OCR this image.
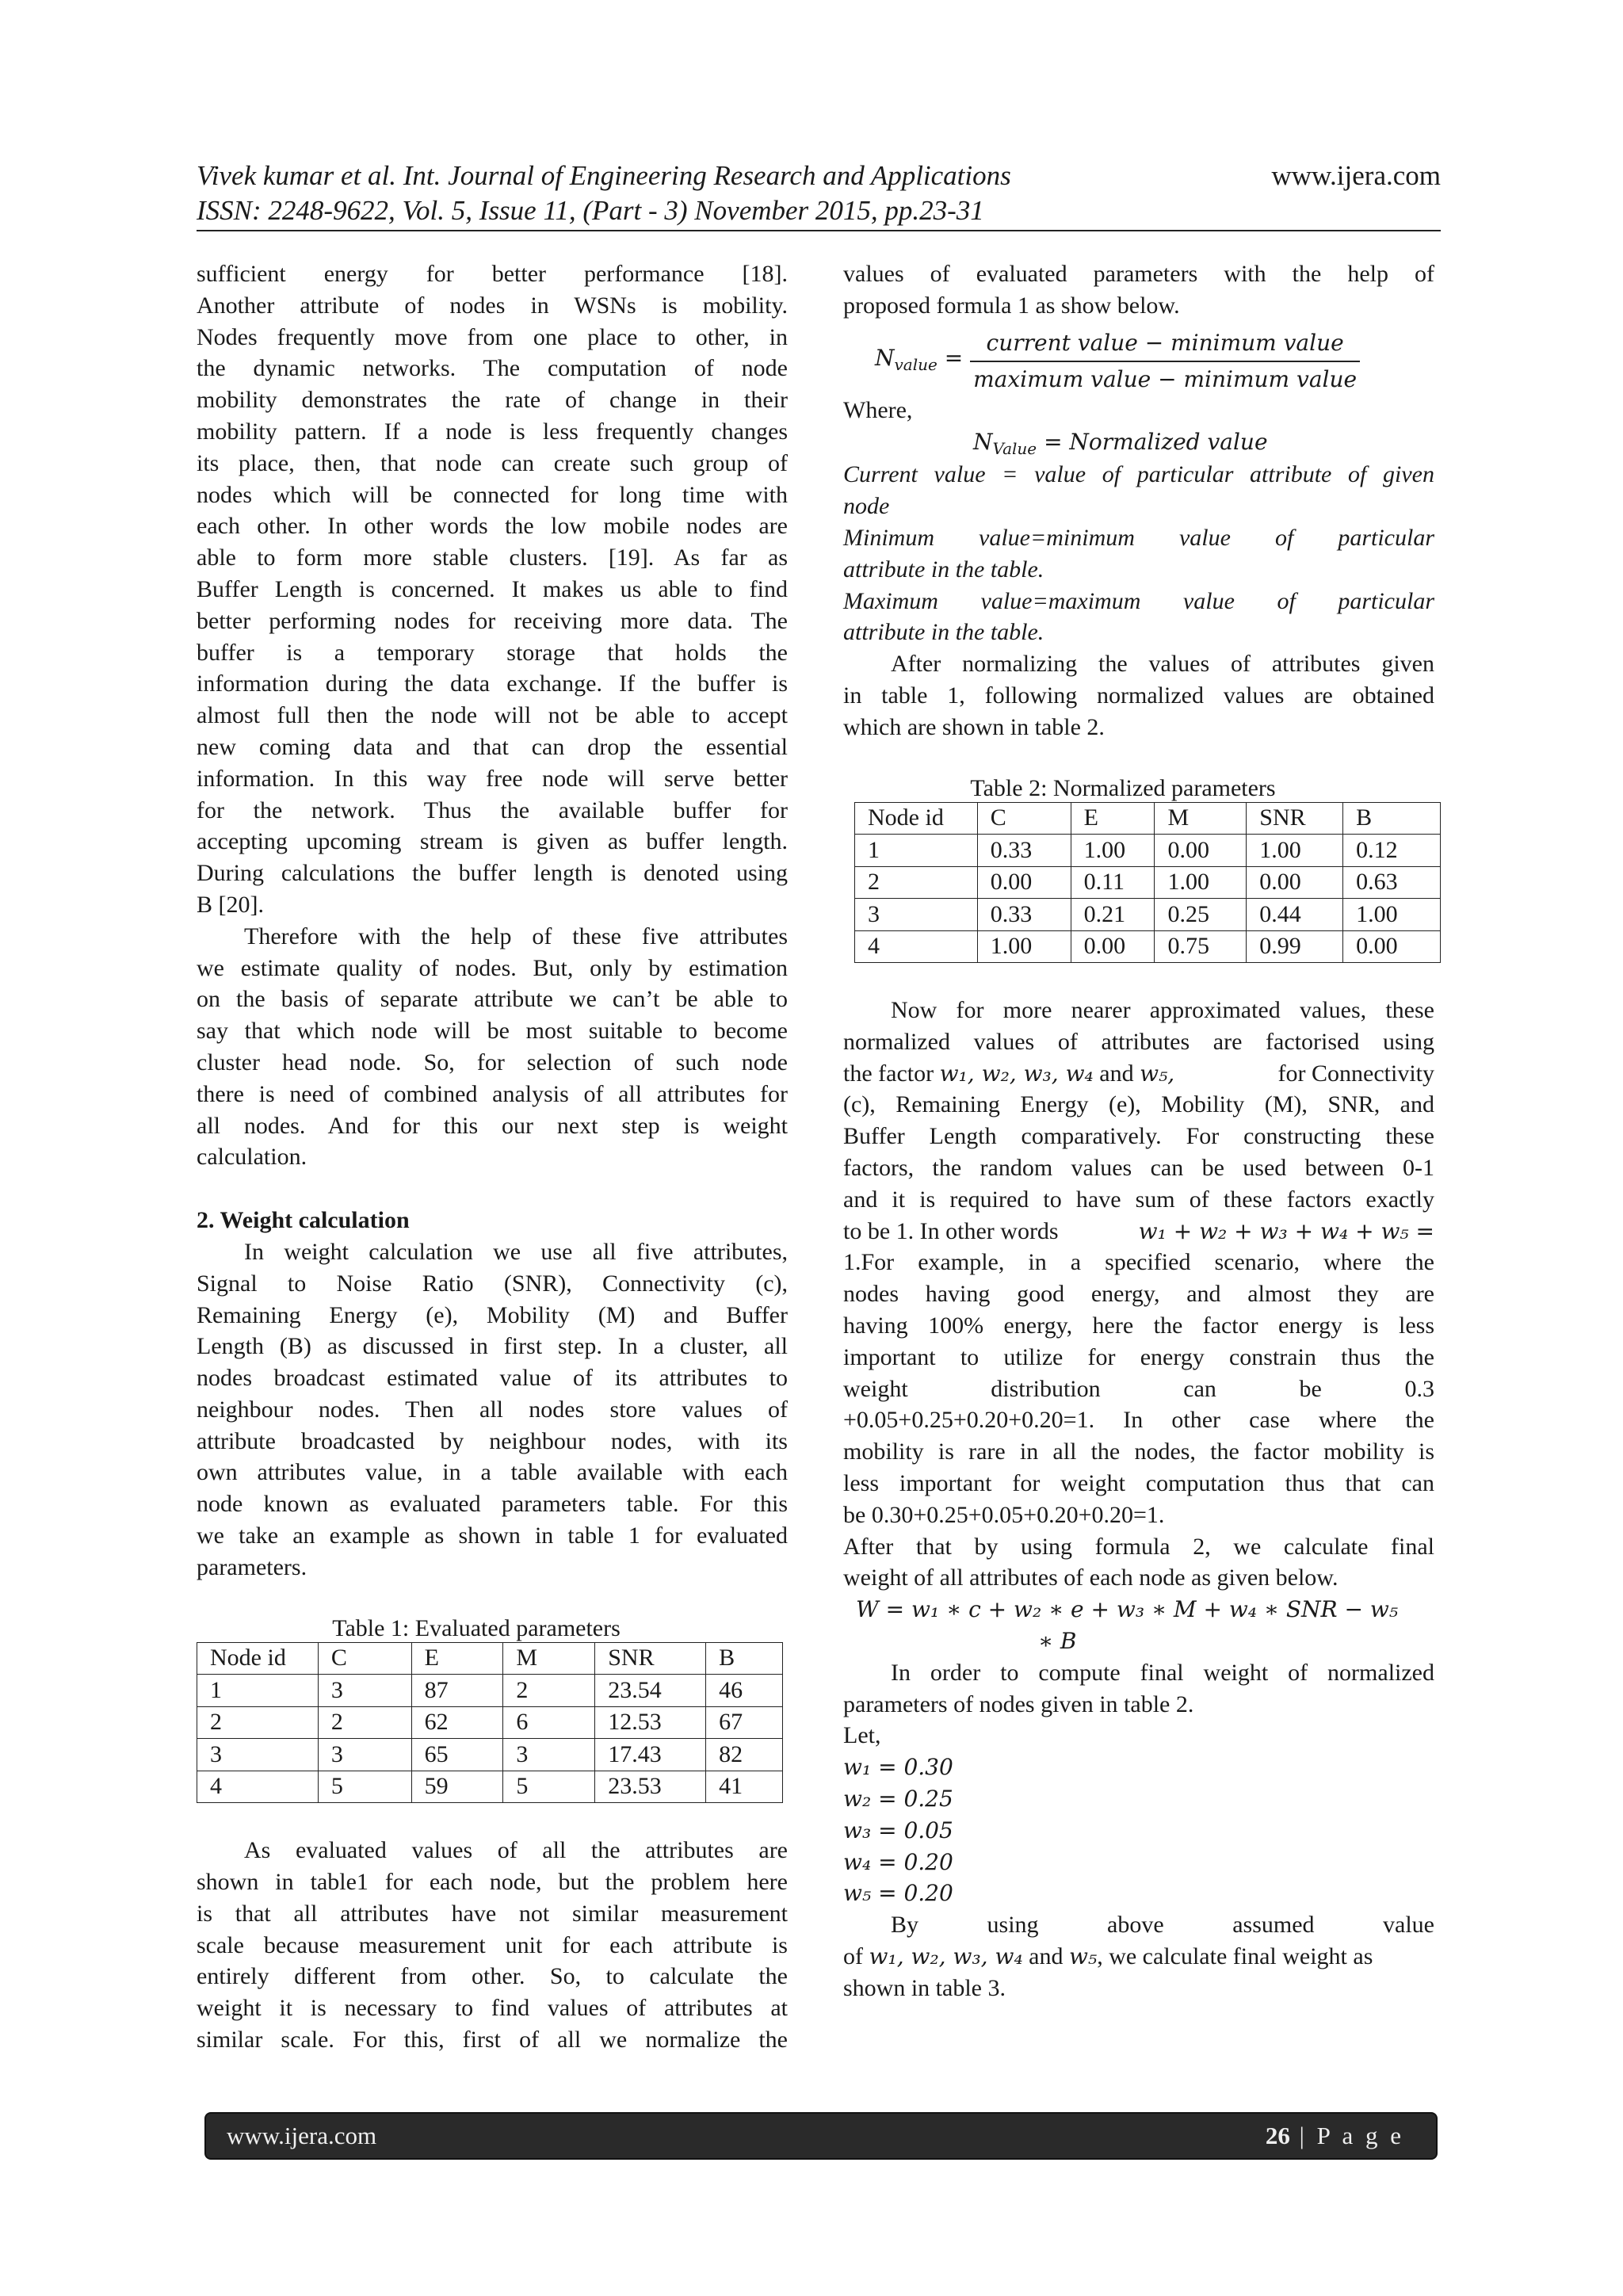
Vivek kumar et al. Int. Journal of Engineering Research and Applications
ISSN: 2248-9622, Vol. 5, Issue 11, (Part - 3) November 2015, pp.23-31
www.ijera.com
sufficient energy for better performance [18].
Another attribute of nodes in WSNs is mobility.
Nodes frequently move from one place to other, in
the dynamic networks. The computation of node
mobility demonstrates the rate of change in their
mobility pattern. If a node is less frequently changes
its place, then, that node can create such group of
nodes which will be connected for long time with
each other. In other words the low mobile nodes are
able to form more stable clusters. [19]. As far as
Buffer Length is concerned. It makes us able to find
better performing nodes for receiving more data. The
buffer is a temporary storage that holds the
information during the data exchange. If the buffer is
almost full then the node will not be able to accept
new coming data and that can drop the essential
information. In this way free node will serve better
for the network. Thus the available buffer for
accepting upcoming stream is given as buffer length.
During calculations the buffer length is denoted using
B [20].
Therefore with the help of these five attributes
we estimate quality of nodes. But, only by estimation
on the basis of separate attribute we can’t be able to
say that which node will be most suitable to become
cluster head node. So, for selection of such node
there is need of combined analysis of all attributes for
all nodes. And for this our next step is weight
calculation.
2. Weight calculation
In weight calculation we use all five attributes,
Signal to Noise Ratio (SNR), Connectivity (c),
Remaining Energy (e), Mobility (M) and Buffer
Length (B) as discussed in first step. In a cluster, all
nodes broadcast estimated value of its attributes to
neighbour nodes. Then all nodes store values of
attribute broadcasted by neighbour nodes, with its
own attributes value, in a table available with each
node known as evaluated parameters table. For this
we take an example as shown in table 1 for evaluated
parameters.
Table 1: Evaluated parameters
Node id	C	E	M	SNR	B
1	3	87	2	23.54	46
2	2	62	6	12.53	67
3	3	65	3	17.43	82
4	5	59	5	23.53	41
As evaluated values of all the attributes are
shown in table1 for each node, but the problem here
is that all attributes have not similar measurement
scale because measurement unit for each attribute is
entirely different from other. So, to calculate the
weight it is necessary to find values of attributes at
similar scale. For this, first of all we normalize the
values of evaluated parameters with the help of
proposed formula 1 as show below.
$N_{value} = \frac{\text{current value − minimum value}}{\text{maximum value − minimum value}}$
Where,
$N_{Value}$ = Normalized value
Current value = value of particular attribute of given
node
Minimum value=minimum value of particular
attribute in the table.
Maximum value=maximum value of particular
attribute in the table.
After normalizing the values of attributes given
in table 1, following normalized values are obtained
which are shown in table 2.
Table 2: Normalized parameters
Node id	C	E	M	SNR	B
1	0.33	1.00	0.00	1.00	0.12
2	0.00	0.11	1.00	0.00	0.63
3	0.33	0.21	0.25	0.44	1.00
4	1.00	0.00	0.75	0.99	0.00
Now for more nearer approximated values, these
normalized values of attributes are factorised using
the factor w₁, w₂, w₃, w₄ and w₅,	for Connectivity
(c), Remaining Energy (e), Mobility (M), SNR, and
Buffer Length comparatively. For constructing these
factors, the random values can be used between 0-1
and it is required to have sum of these factors exactly
to be 1. In other words	w₁ + w₂ + w₃ + w₄ + w₅ =
1.For example, in a specified scenario, where the
nodes having good energy, and almost they are
having 100% energy, here the factor energy is less
important to utilize for energy constrain thus the
weight distribution can be 0.3
+0.05+0.25+0.20+0.20=1. In other case where the
mobility is rare in all the nodes, the factor mobility is
less important for weight computation thus that can
be 0.30+0.25+0.05+0.20+0.20=1.
After that by using formula 2, we calculate final
weight of all attributes of each node as given below.
W = w₁ ∗ c + w₂ ∗ e + w₃ ∗ M + w₄ ∗ SNR − w₅
∗ B
In order to compute final weight of normalized
parameters of nodes given in table 2.
Let,
w₁ = 0.30
w₂ = 0.25
w₃ = 0.05
w₄ = 0.20
w₅ = 0.20
By using above assumed value
of w₁, w₂, w₃, w₄ and w₅, we calculate final weight as
shown in table 3.
www.ijera.com	26 | P a g e
